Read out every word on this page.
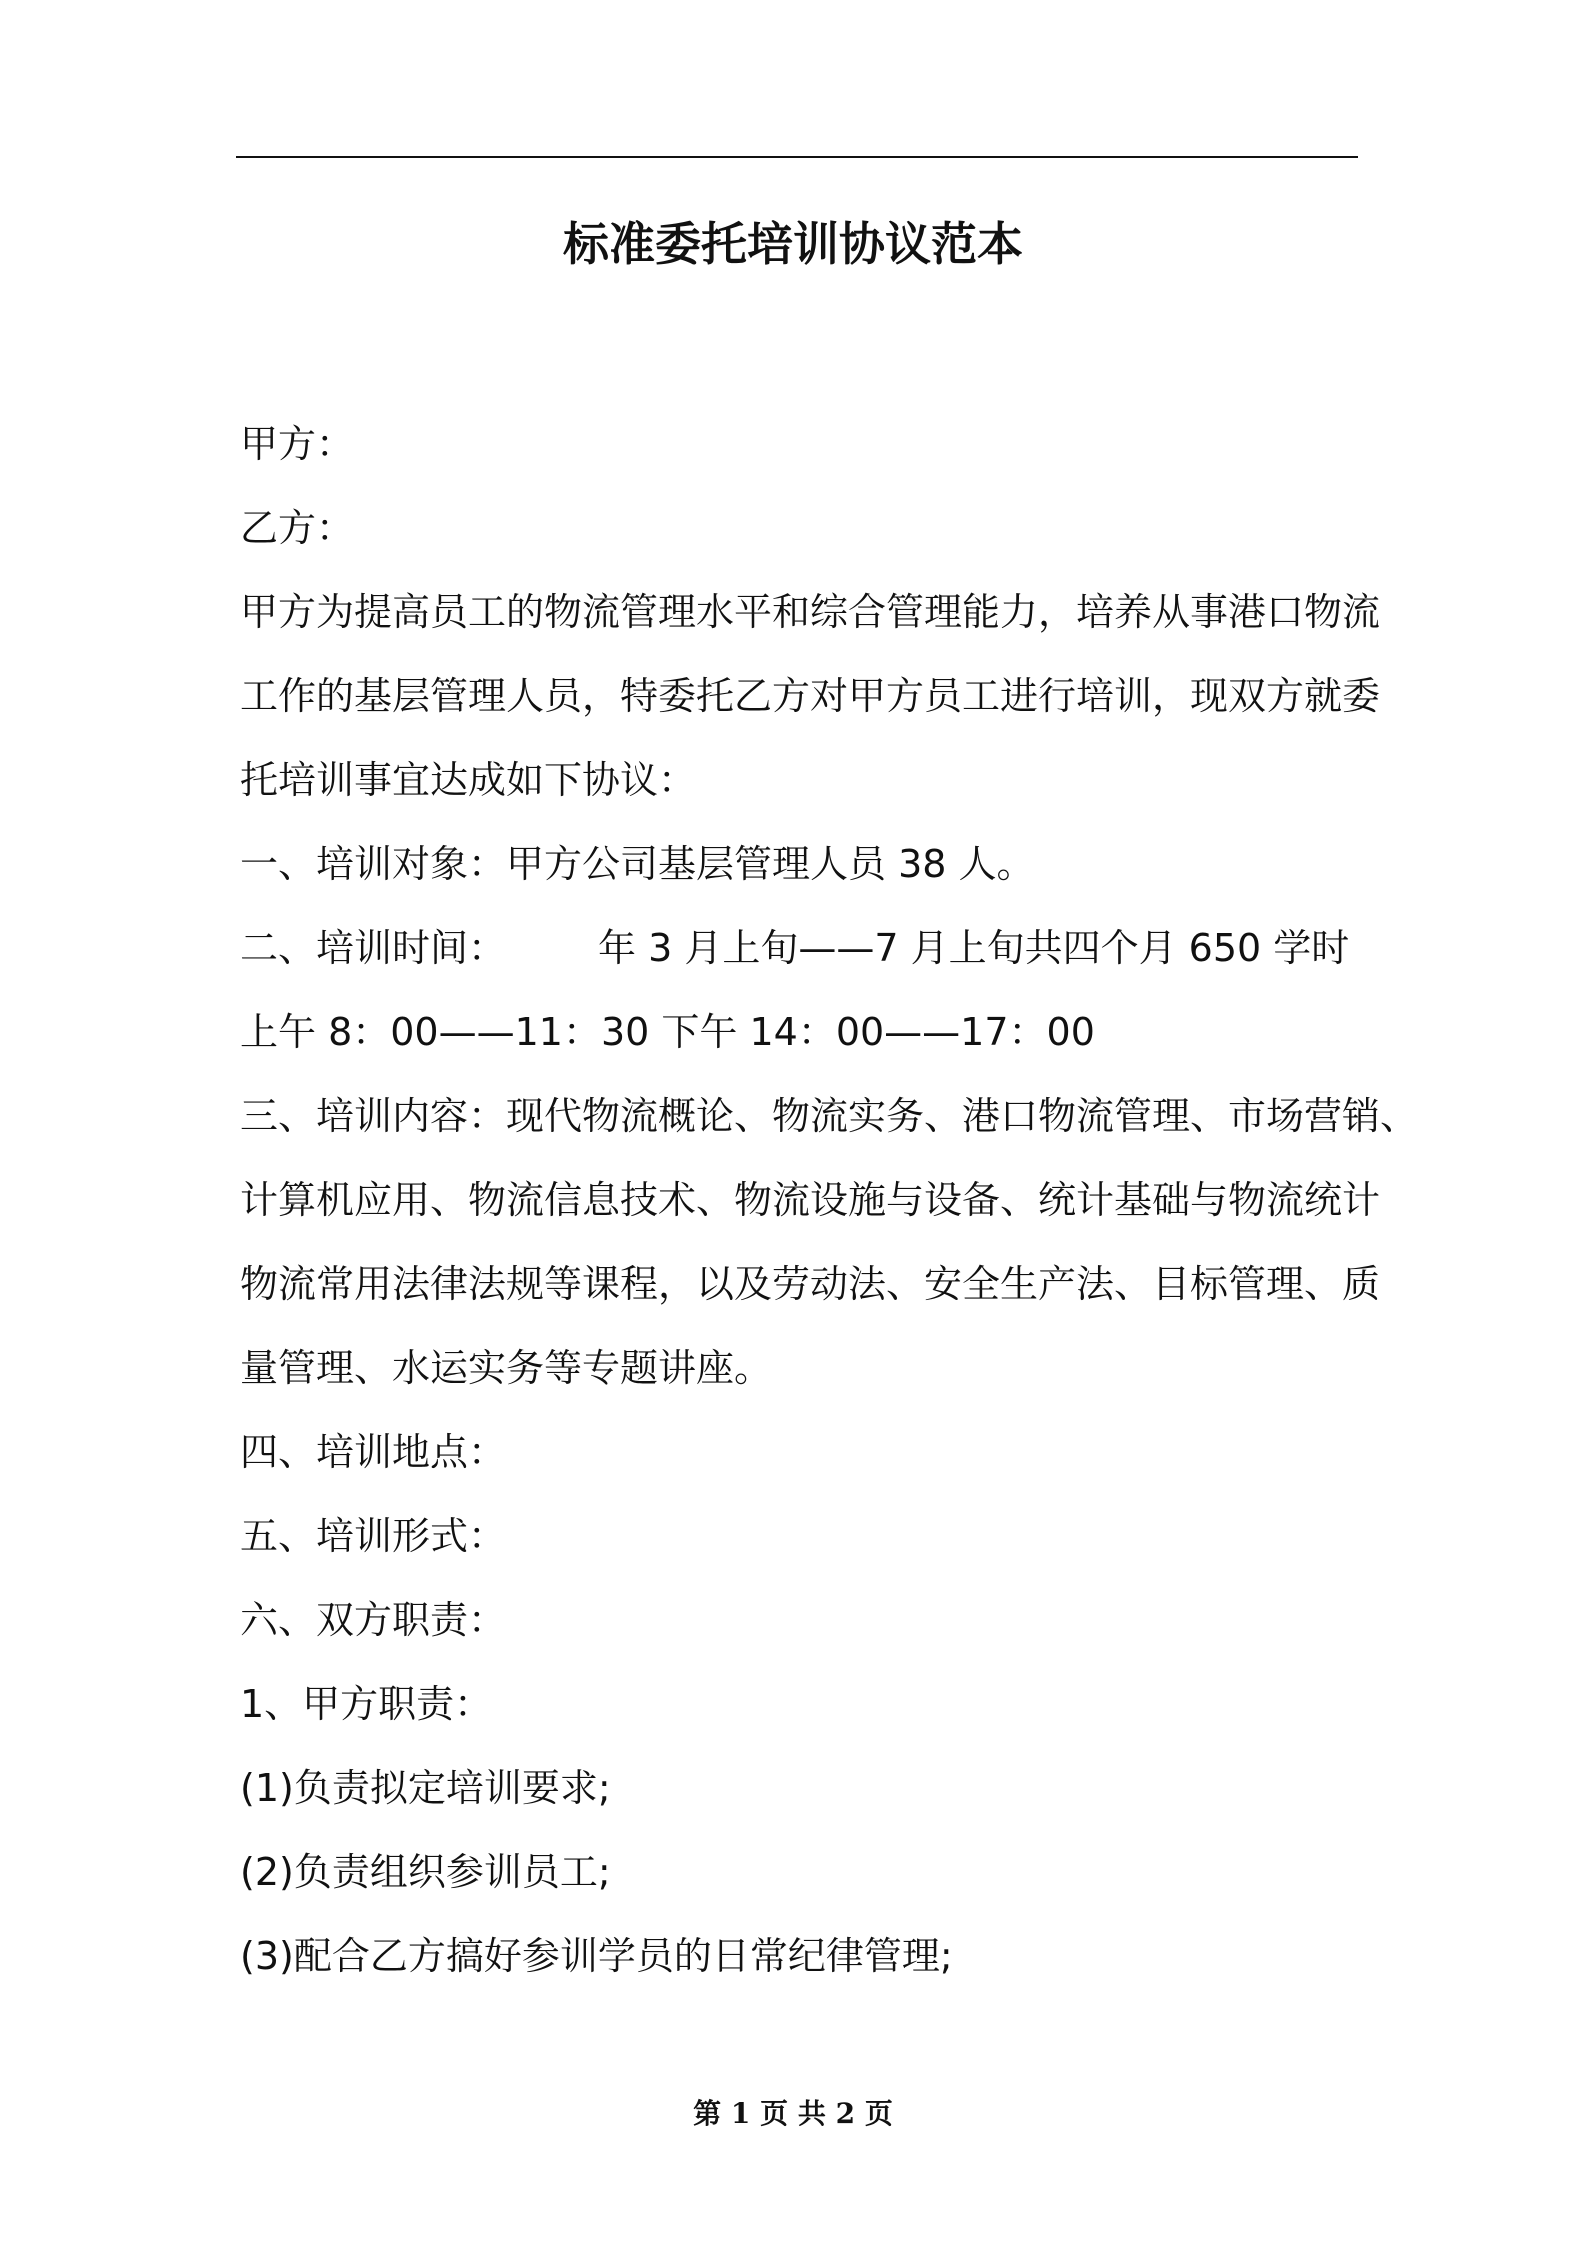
标准委托培训协议范本
甲方：
乙方：
甲方为提高员工的物流管理水平和综合管理能力，培养从事港口物流
工作的基层管理人员，特委托乙方对甲方员工进行培训，现双方就委
托培训事宜达成如下协议：
一、培训对象：甲方公司基层管理人员 38 人。
二、培训时间： 年 3 月上旬——7 月上旬共四个月 650 学时
上午 8：00——11：30 下午 14：00——17：00
三、培训内容：现代物流概论、物流实务、港口物流管理、市场营销、
计算机应用、物流信息技术、物流设施与设备、统计基础与物流统计
物流常用法律法规等课程，以及劳动法、安全生产法、目标管理、质
量管理、水运实务等专题讲座。
四、培训地点：
五、培训形式：
六、双方职责：
1、甲方职责：
(1)负责拟定培训要求;
(2)负责组织参训员工;
(3)配合乙方搞好参训学员的日常纪律管理;
第 1 页 共 2 页
